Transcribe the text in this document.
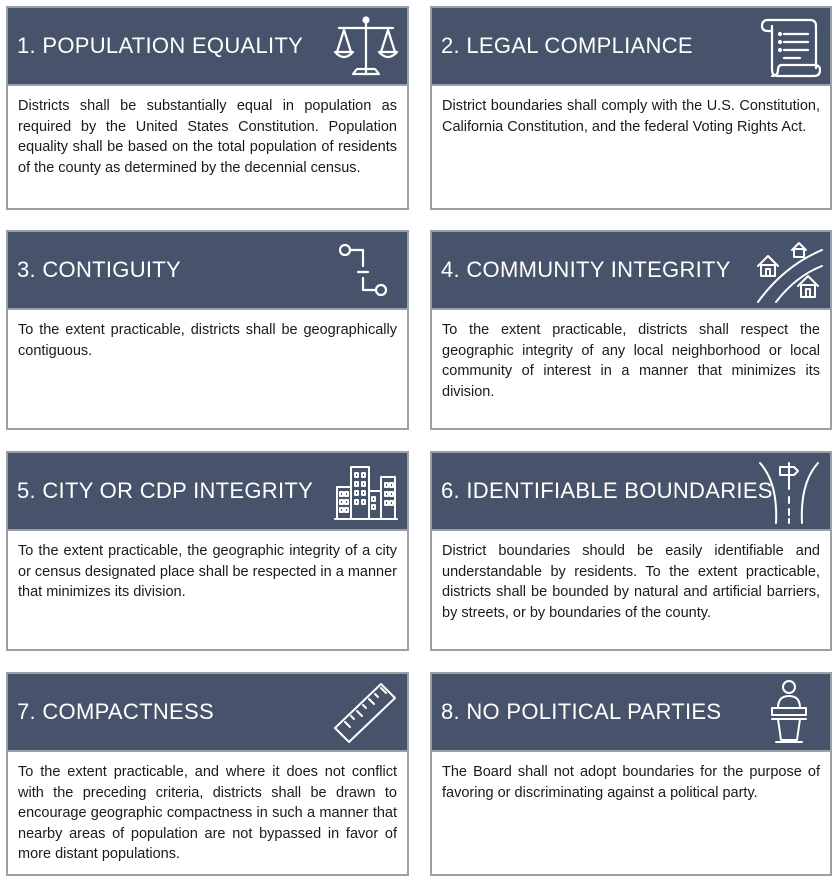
1. POPULATION EQUALITY
Districts shall be substantially equal in population as required by the United States Constitution. Population equality shall be based on the total population of residents of the county as determined by the decennial census.
2. LEGAL COMPLIANCE
District boundaries shall comply with the U.S. Constitution, California Constitution, and the federal Voting Rights Act.
3. CONTIGUITY
To the extent practicable, districts shall be geographically contiguous.
4. COMMUNITY INTEGRITY
To the extent practicable, districts shall respect the geographic integrity of any local neighborhood or local community of interest in a manner that minimizes its division.
5. CITY OR CDP INTEGRITY
To the extent practicable, the geographic integrity of a city or census designated place shall be respected in a manner that minimizes its division.
6. IDENTIFIABLE BOUNDARIES
District boundaries should be easily identifiable and understandable by residents. To the extent practicable, districts shall be bounded by natural and artificial barriers, by streets, or by boundaries of the county.
7. COMPACTNESS
To the extent practicable, and where it does not conflict with the preceding criteria, districts shall be drawn to encourage geographic compactness in such a manner that nearby areas of population are not bypassed in favor of more distant populations.
8. NO POLITICAL PARTIES
The Board shall not adopt boundaries for the purpose of favoring or discriminating against a political party.
